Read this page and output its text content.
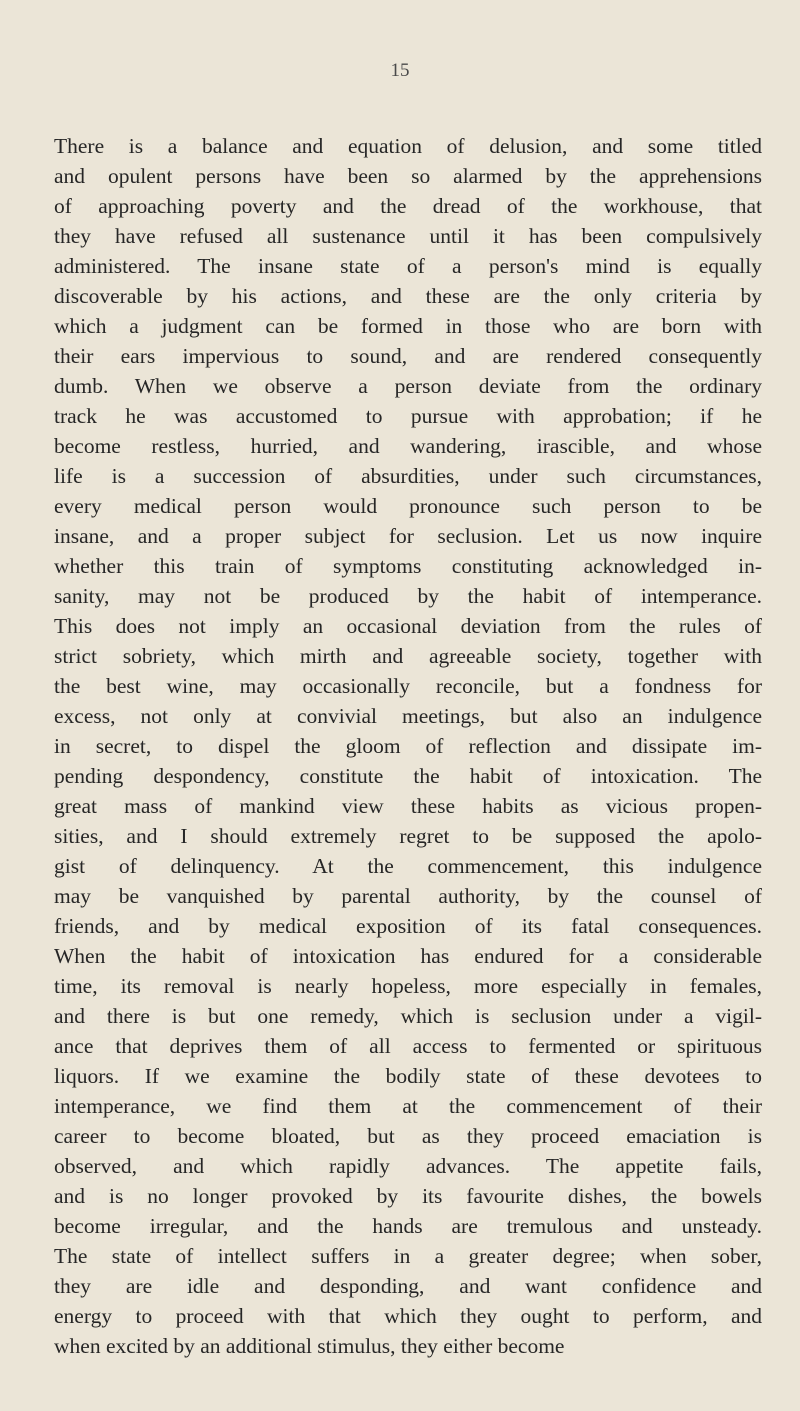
15
There is a balance and equation of delusion, and some titled
and opulent persons have been so alarmed by the apprehensions
of approaching poverty and the dread of the workhouse, that
they have refused all sustenance until it has been compulsively
administered. The insane state of a person's mind is equally
discoverable by his actions, and these are the only criteria by
which a judgment can be formed in those who are born with
their ears impervious to sound, and are rendered consequently
dumb. When we observe a person deviate from the ordinary
track he was accustomed to pursue with approbation; if he
become restless, hurried, and wandering, irascible, and whose
life is a succession of absurdities, under such circumstances,
every medical person would pronounce such person to be
insane, and a proper subject for seclusion. Let us now inquire
whether this train of symptoms constituting acknowledged in-
sanity, may not be produced by the habit of intemperance.
This does not imply an occasional deviation from the rules of
strict sobriety, which mirth and agreeable society, together with
the best wine, may occasionally reconcile, but a fondness for
excess, not only at convivial meetings, but also an indulgence
in secret, to dispel the gloom of reflection and dissipate im-
pending despondency, constitute the habit of intoxication. The
great mass of mankind view these habits as vicious propen-
sities, and I should extremely regret to be supposed the apolo-
gist of delinquency. At the commencement, this indulgence
may be vanquished by parental authority, by the counsel of
friends, and by medical exposition of its fatal consequences.
When the habit of intoxication has endured for a considerable
time, its removal is nearly hopeless, more especially in females,
and there is but one remedy, which is seclusion under a vigil-
ance that deprives them of all access to fermented or spirituous
liquors. If we examine the bodily state of these devotees to
intemperance, we find them at the commencement of their
career to become bloated, but as they proceed emaciation is
observed, and which rapidly advances. The appetite fails,
and is no longer provoked by its favourite dishes, the bowels
become irregular, and the hands are tremulous and unsteady.
The state of intellect suffers in a greater degree; when sober,
they are idle and desponding, and want confidence and
energy to proceed with that which they ought to perform, and
when excited by an additional stimulus, they either become
